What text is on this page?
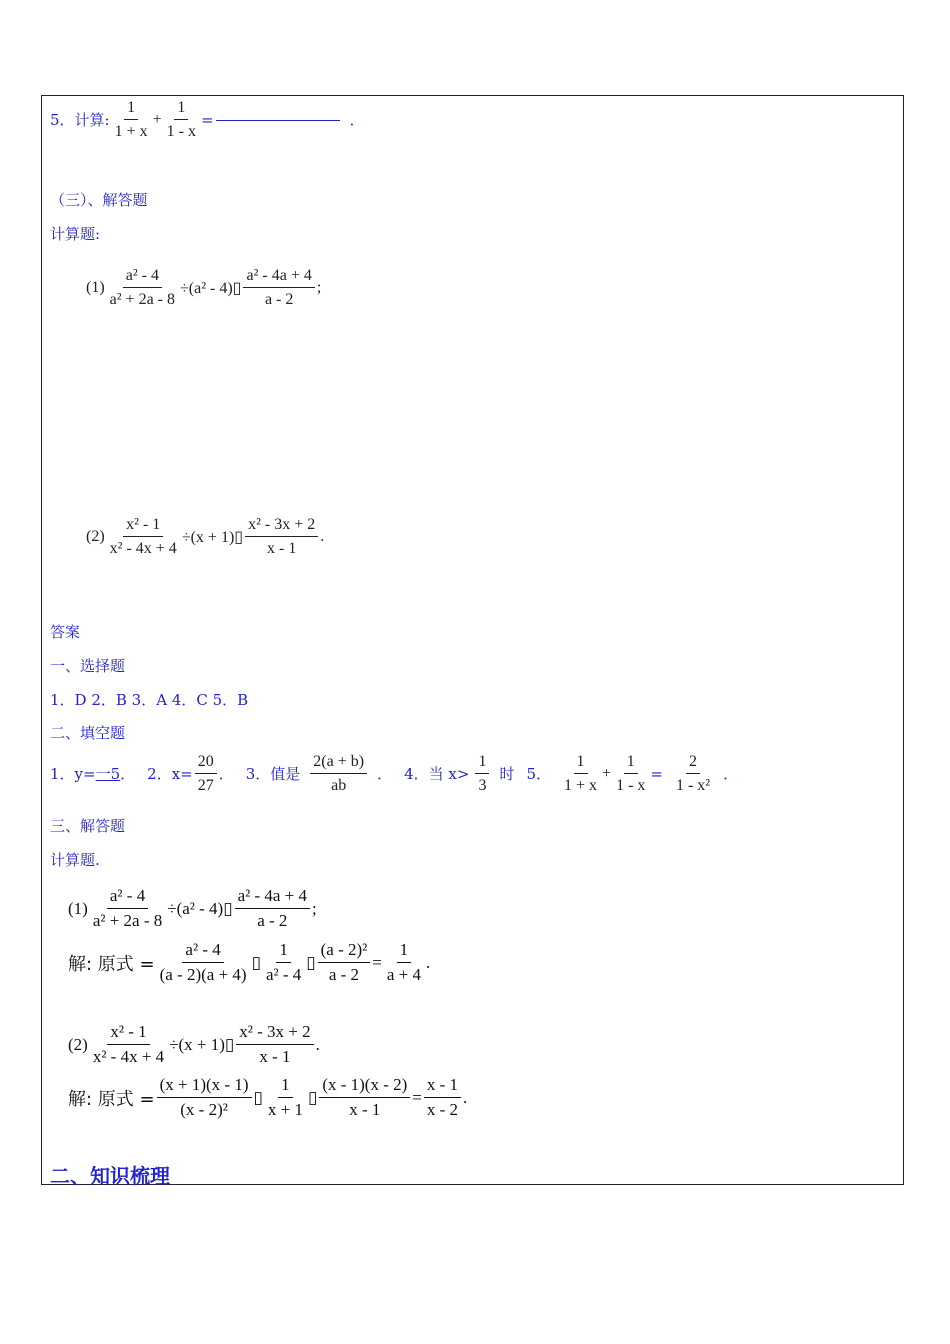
5．计算: $\frac{1}{1 + x} + \frac{1}{1 - x}$ =	．
（三）、解答题
计算题:
$(1) \frac{\text{a² - 4}}{\text{a² + 2a - 8}} \div(a^2$ - 4)▯ $\frac{\text{a² - 4a + 4}}{a - 2}$ ;
$(2) \frac{\text{x² - 1}}{\text{x² - 4x + 4}} \div(x$ + 1)▯ $\frac{\text{x² - 3x + 2}}{x - 1}$ .
答案
一、选择题
1．D 2．B 3．A 4．C 5．B
二、填空题
1．y= 一5 ． 2．$x= \frac{20}{27}$ ． 3．值是 $\frac{2(a + b)}{ab}$ ． 4．当 $x> \frac{1}{3}$ 时 5． $\frac{1}{1 + x} + \frac{1}{1 - x} = \frac{2}{\text{1 - x²}}$ ．
三、解答题
计算题.
$(1) \frac{\text{a² - 4}}{\text{a² + 2a - 8}} \div(a^2$ - 4)▯ $\frac{\text{a² - 4a + 4}}{a - 2}$ ;
解: 原式 = $\frac{\text{a² - 4}}{(a - 2)(a + 4)}$ ▯ $\frac{1}{\text{a² - 4}}$ ▯ $\frac{\text{(a - 2)²}}{a - 2} = \frac{1}{a + 4}$ .
$(2) \frac{\text{x² - 1}}{\text{x² - 4x + 4}} \div(x$ + 1)▯ $\frac{\text{x² - 3x + 2}}{x - 1}$ .
解: 原式 = $\frac{(x + 1)(x - 1)}{\text{(x - 2)²}}$ ▯ $\frac{1}{x + 1}$ ▯ $\frac{(x - 1)(x - 2)}{x - 1} = \frac{x - 1}{x - 2}$ .
二、知识梳理
